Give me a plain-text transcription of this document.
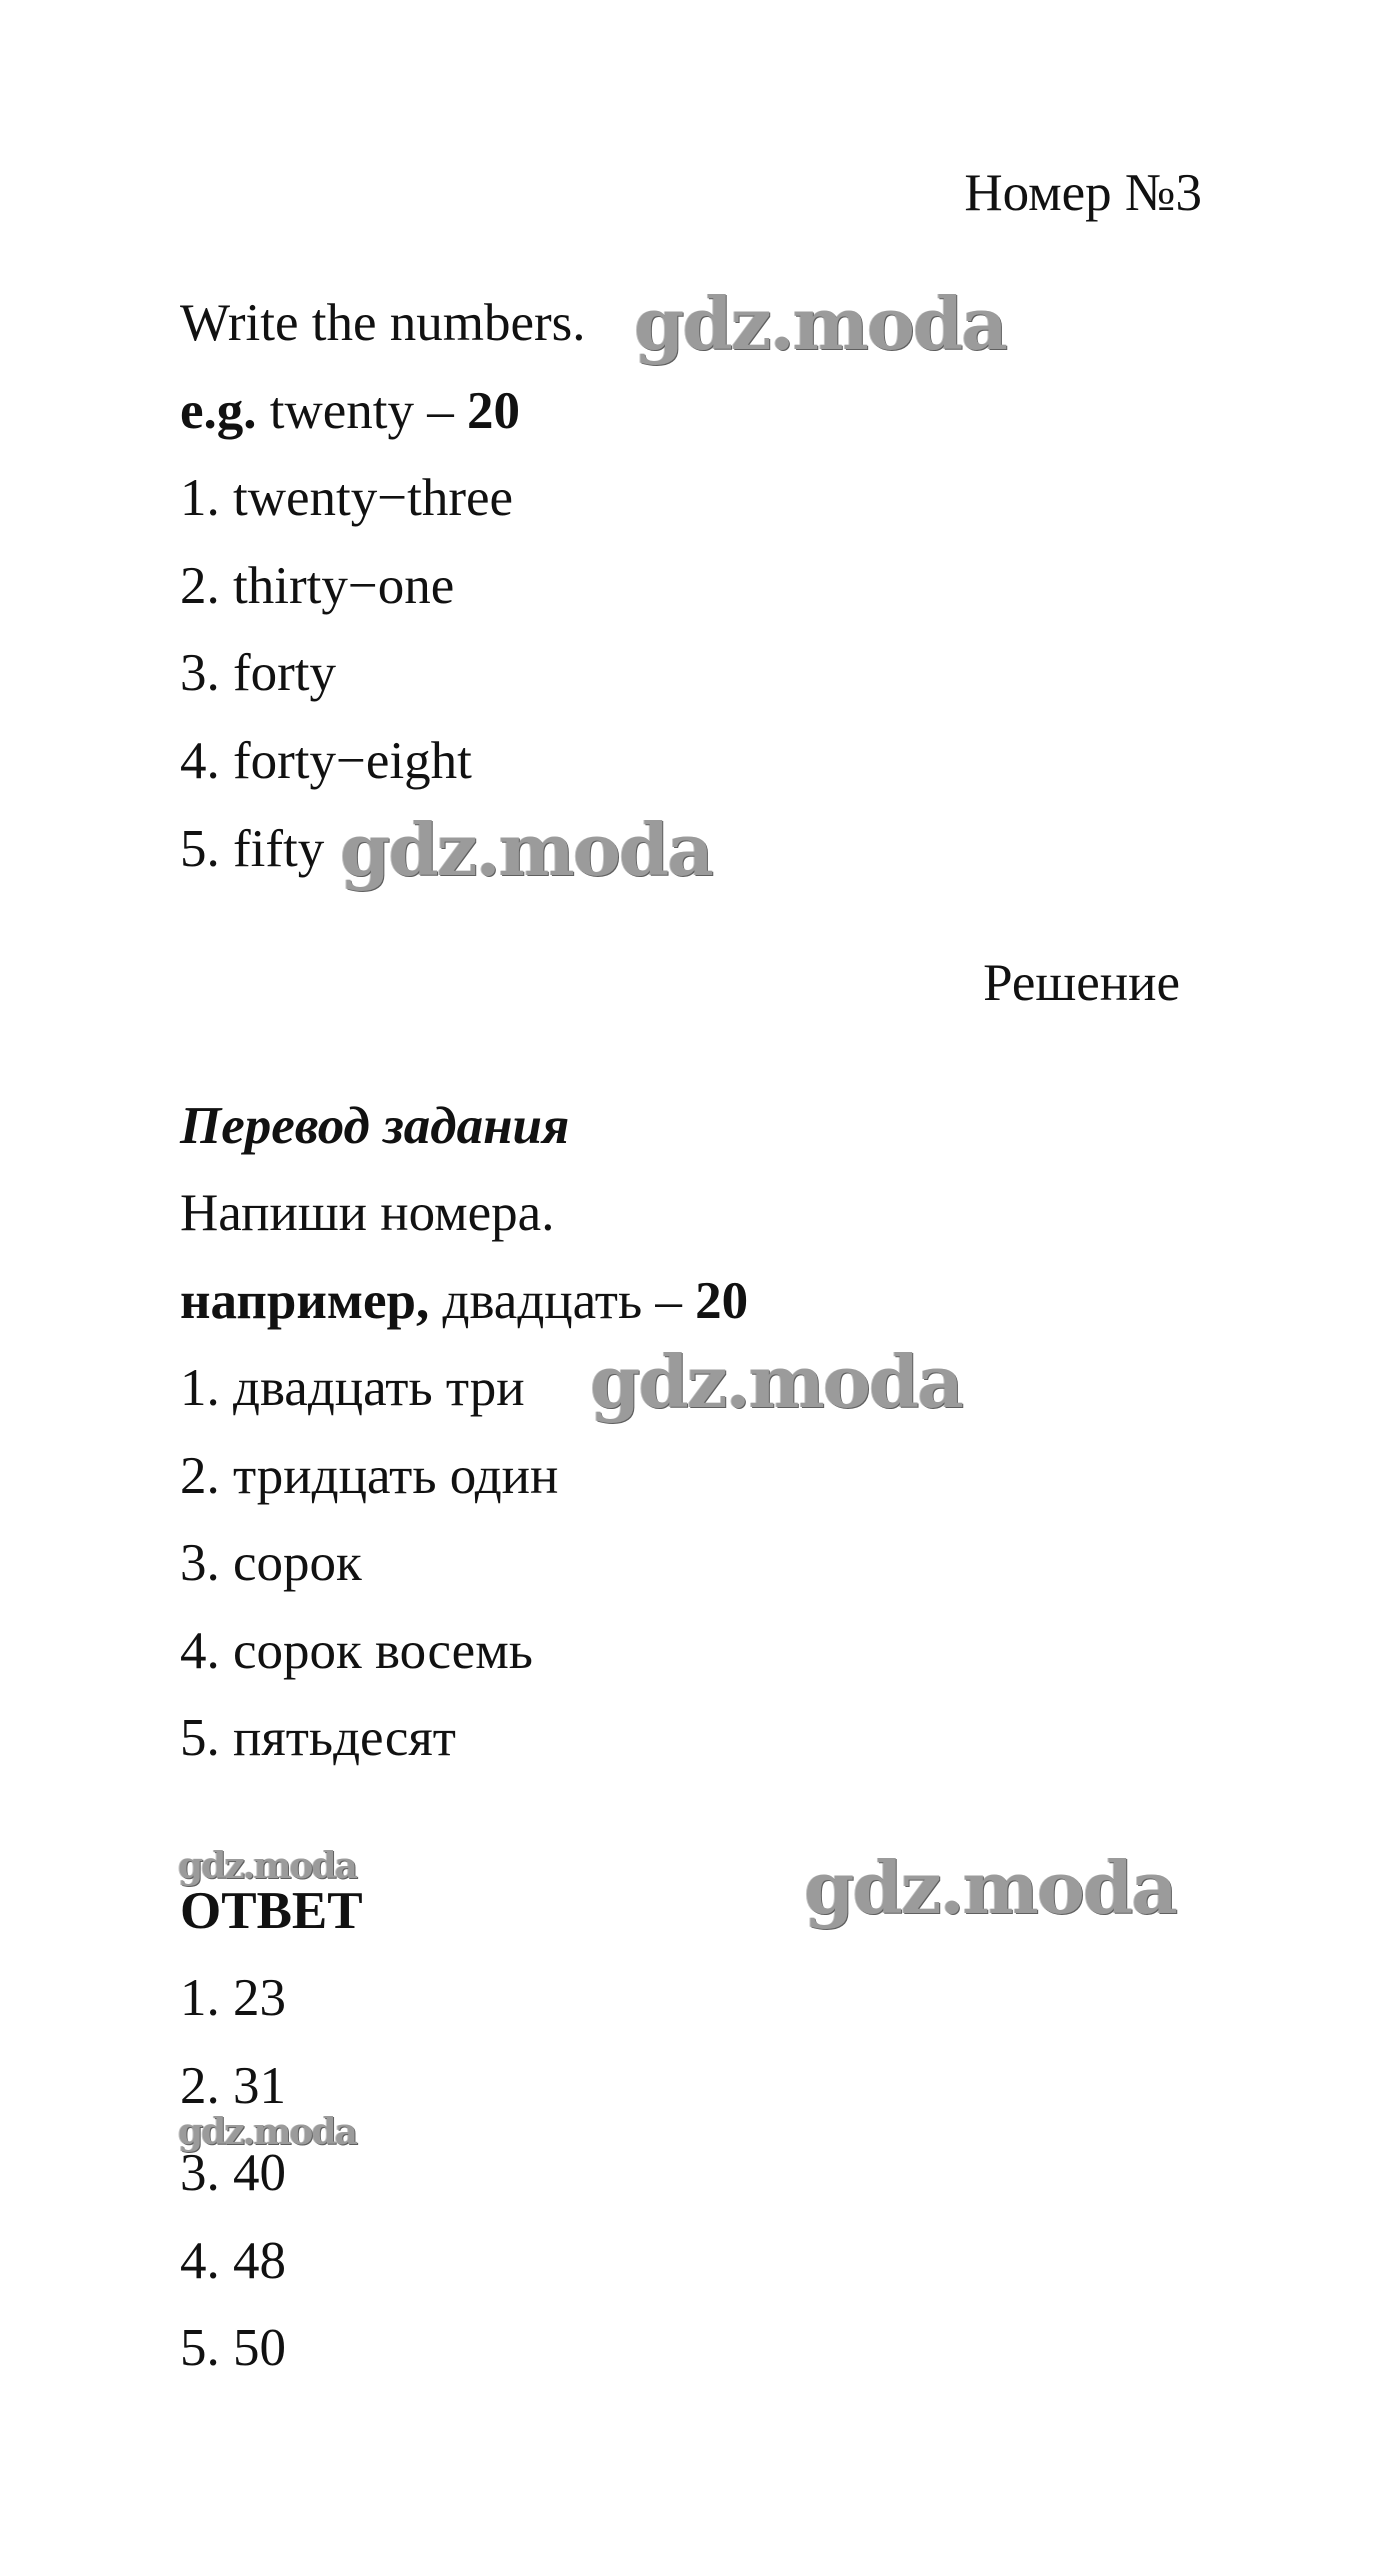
Номер №3
Write the numbers.
e.g. twenty – 20
1. twenty−three
2. thirty−one
3. forty
4. forty−eight
5. fifty
Решение
Перевод задания
Напиши номера.
например, двадцать – 20
1. двадцать три
2. тридцать один
3. сорок
4. сорок восемь
5. пятьдесят
ОТВЕТ
1. 23
2. 31
3. 40
4. 48
5. 50
gdz.moda
gdz.moda
gdz.moda
gdz.moda
gdz.moda
gdz.moda
